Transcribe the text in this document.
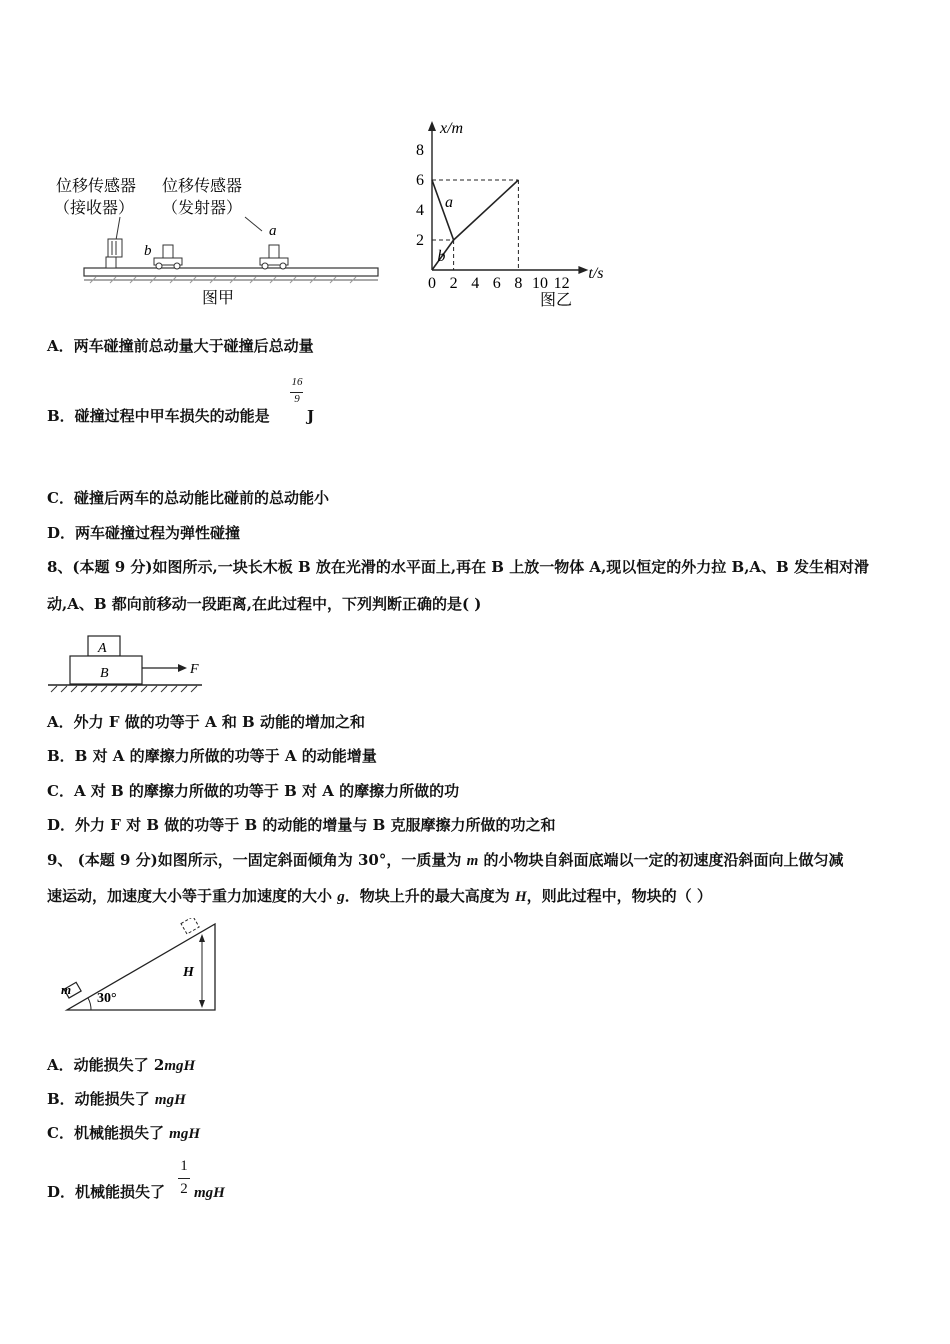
位移传感器
（接收器）
位移传感器
（发射器）
b
a
图甲
x/m
t/s
0 2 4 6 8 10 12
2
4
6
8
a
b
图乙
A．两车碰撞前总动量大于碰撞后总动量
B．碰撞过程中甲车损失的动能是
16
9
J
C．碰撞后两车的总动能比碰前的总动能小
D．两车碰撞过程为弹性碰撞
8、(本题 9 分)如图所示,一块长木板 B 放在光滑的水平面上,再在 B 上放一物体 A,现以恒定的外力拉 B,A、B 发生相对滑
动,A、B 都向前移动一段距离,在此过程中，下列判断正确的是( )
A
B	F
A．外力 F 做的功等于 A 和 B 动能的增加之和
B．B 对 A 的摩擦力所做的功等于 A 的动能增量
C．A 对 B 的摩擦力所做的功等于 B 对 A 的摩擦力所做的功
D．外力 F 对 B 做的功等于 B 的动能的增量与 B 克服摩擦力所做的功之和
9、 (本题 9 分)如图所示，一固定斜面倾角为 30°，一质量为 m 的小物块自斜面底端以一定的初速度沿斜面向上做匀减
速运动，加速度大小等于重力加速度的大小 g．物块上升的最大高度为 H，则此过程中，物块的（ ）
m
30°
H
A．动能损失了 2mgH
B．动能损失了 mgH
C．机械能损失了 mgH
D．机械能损失了
1
2 mgH
